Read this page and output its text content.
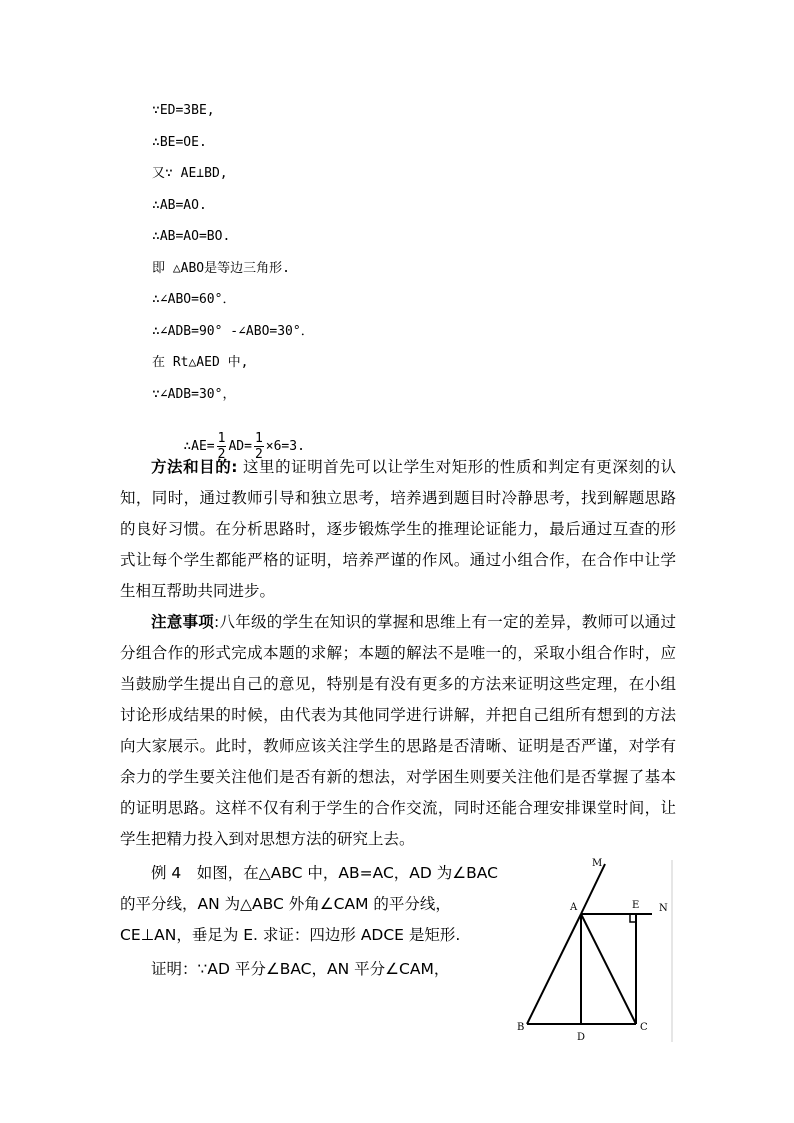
∵ED=3BE,
∴BE=OE.
又∵ AE⊥BD,
∴AB=AO.
∴AB=AO=BO.
即 △ABO是等边三角形.
∴∠ABO=60°．
∴∠ADB=90° -∠ABO=30°．
在 Rt△AED 中,
∵∠ADB=30°，

∴AE= $\frac{1}{2} AD= \frac{1}{2} \times 6=3$.

方法和目的: 这里的证明首先可以让学生对矩形的性质和判定有更深刻的认知，同时，通过教师引导和独立思考，培养遇到题目时冷静思考，找到解题思路的良好习惯。在分析思路时，逐步锻炼学生的推理论证能力，最后通过互查的形式让每个学生都能严格的证明，培养严谨的作风。通过小组合作，在合作中让学生相互帮助共同进步。
注意事项:八年级的学生在知识的掌握和思维上有一定的差异，教师可以通过分组合作的形式完成本题的求解；本题的解法不是唯一的，采取小组合作时，应当鼓励学生提出自己的意见，特别是有没有更多的方法来证明这些定理，在小组讨论形成结果的时候，由代表为其他同学进行讲解，并把自己组所有想到的方法向大家展示。此时，教师应该关注学生的思路是否清晰、证明是否严谨，对学有余力的学生要关注他们是否有新的想法，对学困生则要关注他们是否掌握了基本的证明思路。这样不仅有利于学生的合作交流，同时还能合理安排课堂时间，让学生把精力投入到对思想方法的研究上去。
例 4　如图，在△ABC 中，AB=AC，AD 为∠BAC 的平分线，AN 为△ABC 外角∠CAM 的平分线，CE⊥AN，垂足为 E. 求证：四边形 ADCE 是矩形.
证明：∵AD 平分∠BAC，AN 平分∠CAM，
M
A	E N
B
D
C
